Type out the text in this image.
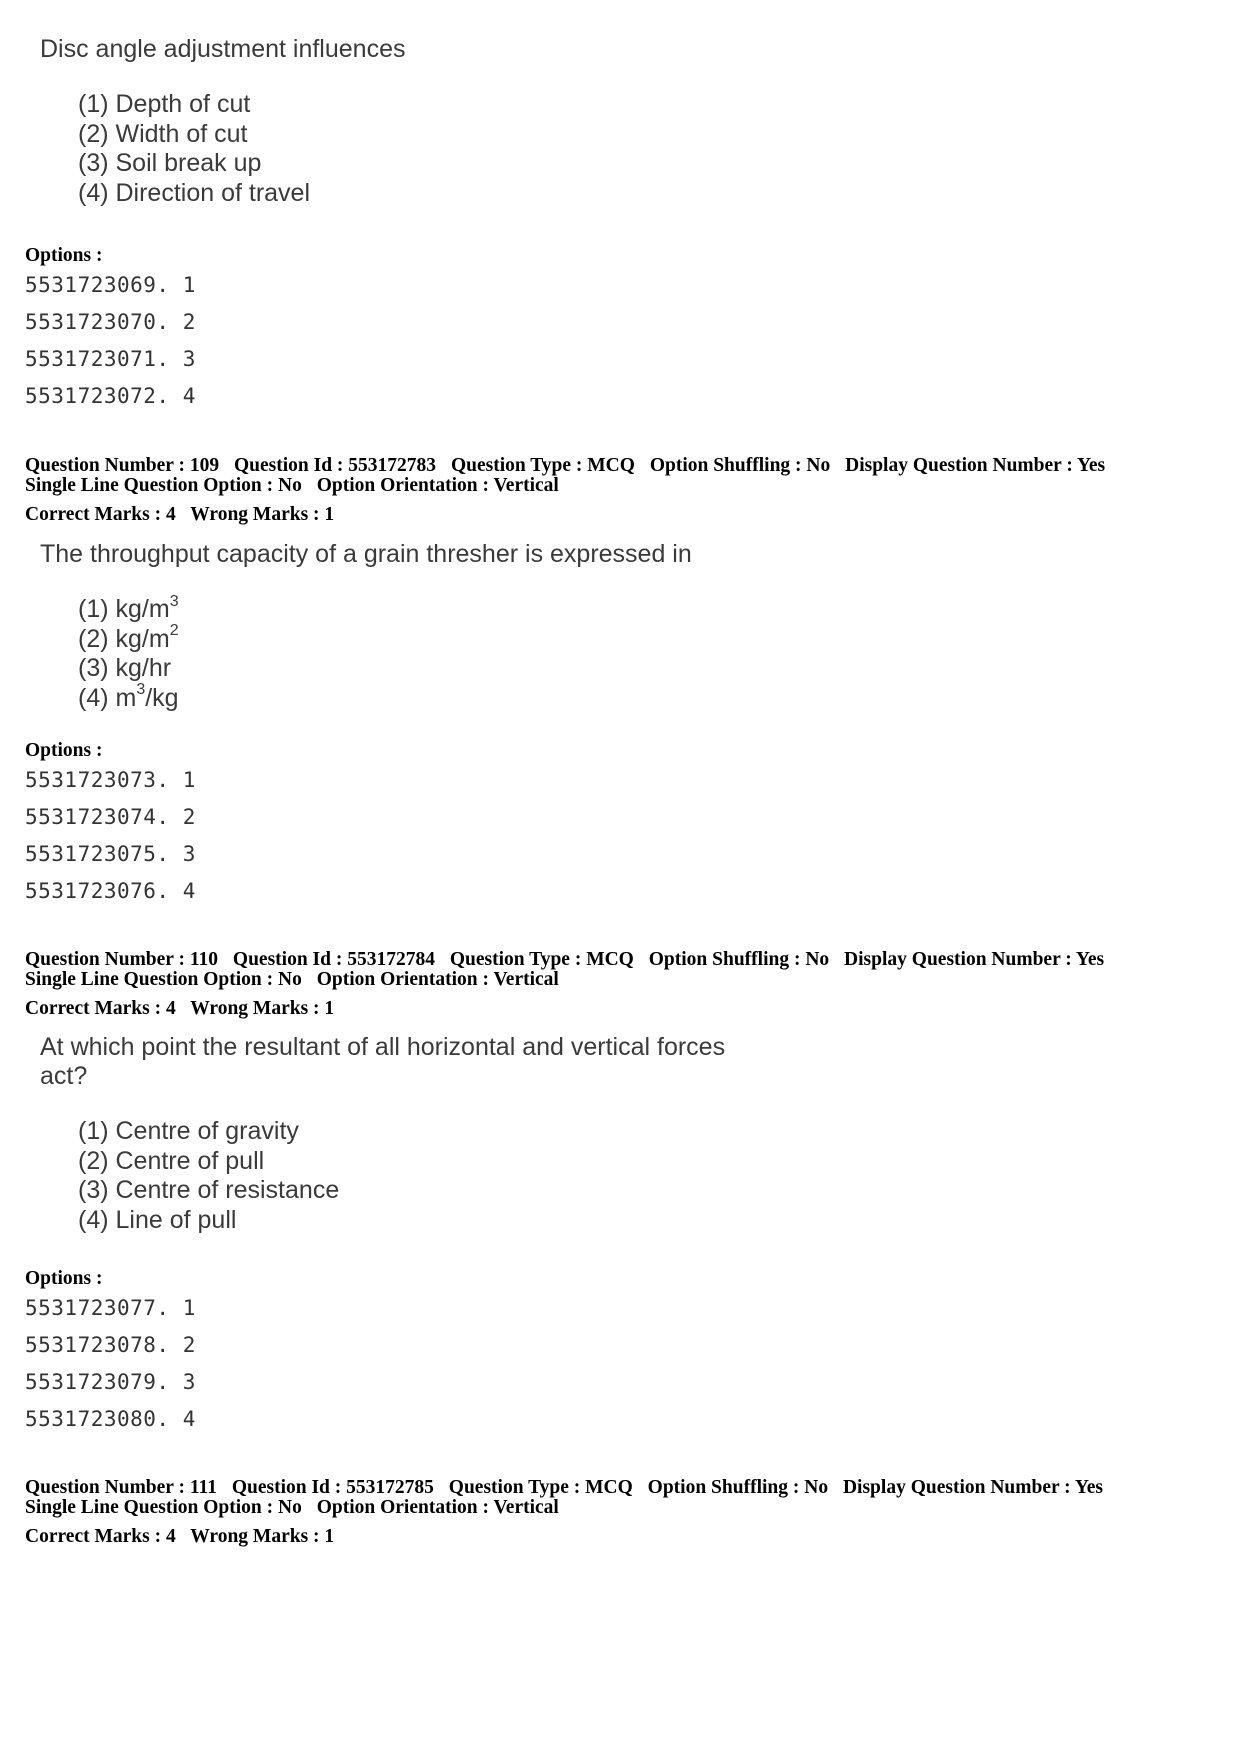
Disc angle adjustment influences

(1) Depth of cut
(2) Width of cut
(3) Soil break up
(4) Direction of travel
Options :
5531723069. 1
5531723070. 2
5531723071. 3
5531723072. 4
Question Number : 109 Question Id : 553172783 Question Type : MCQ Option Shuffling : No Display Question Number : Yes
Single Line Question Option : No Option Orientation : Vertical
Correct Marks : 4 Wrong Marks : 1

The throughput capacity of a grain thresher is expressed in

(1) $kg/m^3$
(2) $kg/m^2$
(3) kg/hr
(4) $m^3/kg$
Options :
5531723073. 1
5531723074. 2
5531723075. 3
5531723076. 4
Question Number : 110 Question Id : 553172784 Question Type : MCQ Option Shuffling : No Display Question Number : Yes
Single Line Question Option : No Option Orientation : Vertical
Correct Marks : 4 Wrong Marks : 1

At which point the resultant of all horizontal and vertical forces
act?

(1) Centre of gravity
(2) Centre of pull
(3) Centre of resistance
(4) Line of pull
Options :
5531723077. 1
5531723078. 2
5531723079. 3
5531723080. 4
Question Number : 111 Question Id : 553172785 Question Type : MCQ Option Shuffling : No Display Question Number : Yes
Single Line Question Option : No Option Orientation : Vertical
Correct Marks : 4 Wrong Marks : 1
